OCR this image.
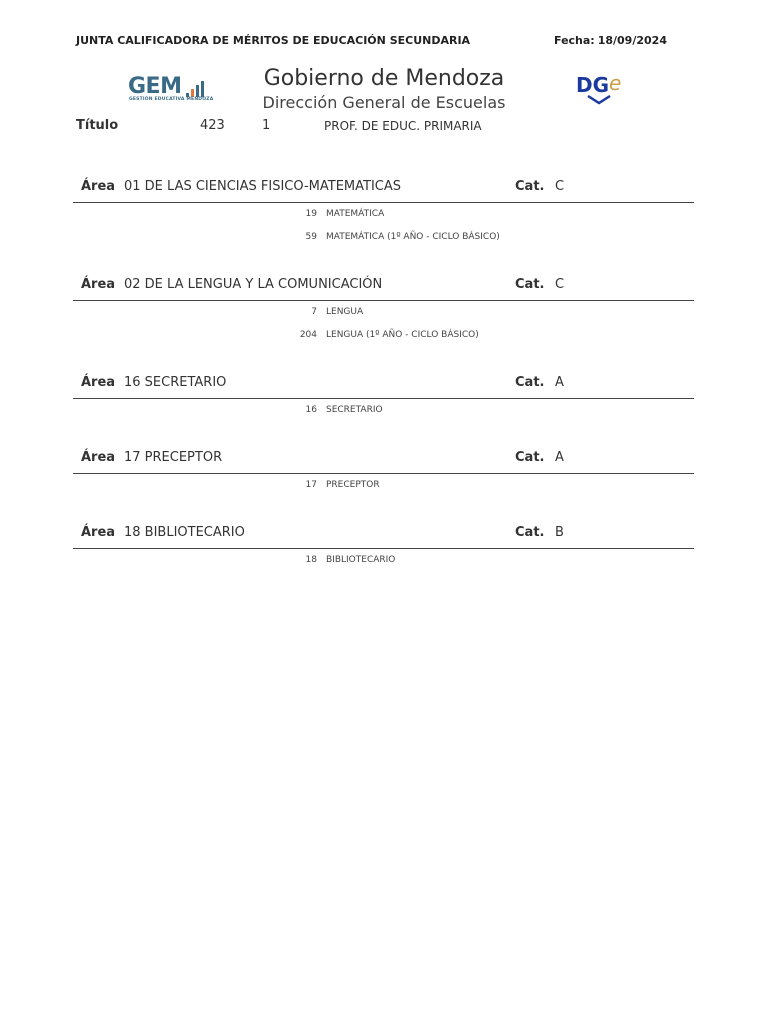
JUNTA CALIFICADORA DE MÉRITOS DE EDUCACIÓN SECUNDARIA	Fecha: 18/09/2024
GEM
GESTIÓN EDUCATIVA MENDOZA
Gobierno de Mendoza
Dirección General de Escuelas
DGe
Título	423	1	PROF. DE EDUC. PRIMARIA
Área 01 DE LAS CIENCIAS FISICO-MATEMATICAS	Cat. C
19 MATEMÁTICA
59 MATEMÁTICA (1º AÑO - CICLO BÁSICO)
Área 02 DE LA LENGUA Y LA COMUNICACIÓN	Cat. C
7 LENGUA
204 LENGUA (1º AÑO - CICLO BÁSICO)
Área 16 SECRETARIO	Cat. A
16 SECRETARIO
Área 17 PRECEPTOR	Cat. A
17 PRECEPTOR
Área 18 BIBLIOTECARIO	Cat. B
18 BIBLIOTECARIO
